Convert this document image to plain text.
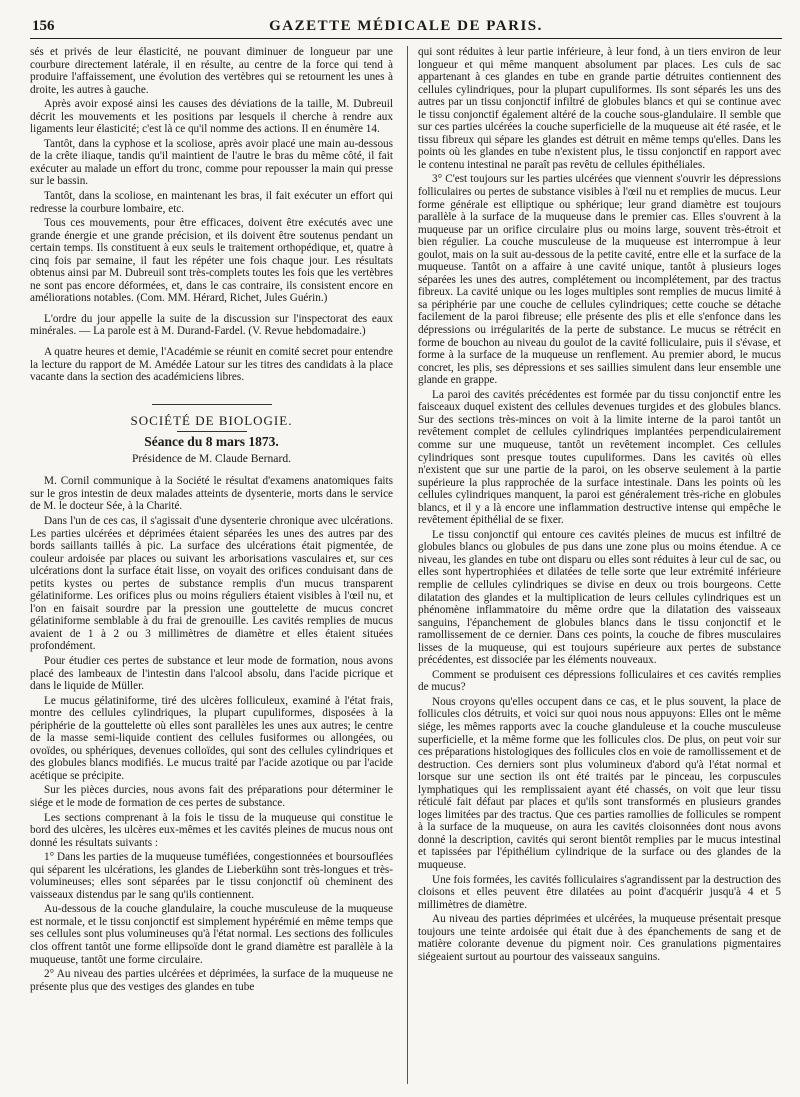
156	GAZETTE MÉDICALE DE PARIS.

sés et privés de leur élasticité, ne pouvant diminuer de longueur par une courbure directement latérale, il en résulte, au centre de la force qui tend à produire l'affaissement, une évolution des vertèbres qui se retournent les unes à droite, les autres à gauche.

Après avoir exposé ainsi les causes des déviations de la taille, M. Dubreuil décrit les mouvements et les positions par lesquels il cherche à rendre aux ligaments leur élasticité; c'est là ce qu'il nomme des actions. Il en énumère 14.

Tantôt, dans la cyphose et la scoliose, après avoir placé une main au-dessous de la crête iliaque, tandis qu'il maintient de l'autre le bras du même côté, il fait exécuter au malade un effort du tronc, comme pour repousser la main qui presse sur le bassin.

Tantôt, dans la scoliose, en maintenant les bras, il fait exécuter un effort qui redresse la courbure lombaire, etc.

Tous ces mouvements, pour être efficaces, doivent être exécutés avec une grande énergie et une grande précision, et ils doivent être soutenus pendant un certain temps. Ils constituent à eux seuls le traitement orthopédique, et, quatre à cinq fois par semaine, il faut les répéter une fois chaque jour. Les résultats obtenus ainsi par M. Dubreuil sont très-complets toutes les fois que les vertèbres ne sont pas encore déformées, et, dans le cas contraire, ils consistent encore en améliorations notables. (Com. MM. Hérard, Richet, Jules Guérin.)

L'ordre du jour appelle la suite de la discussion sur l'inspectorat des eaux minérales. — La parole est à M. Durand-Fardel. (V. Revue hebdomadaire.)

A quatre heures et demie, l'Académie se réunit en comité secret pour entendre la lecture du rapport de M. Amédée Latour sur les titres des candidats à la place vacante dans la section des académiciens libres.

SOCIÉTÉ DE BIOLOGIE.
Séance du 8 mars 1873.
Présidence de M. Claude Bernard.

M. Cornil communique à la Société le résultat d'examens anatomiques faits sur le gros intestin de deux malades atteints de dysenterie, morts dans le service de M. le docteur Sée, à la Charité.

Dans l'un de ces cas, il s'agissait d'une dysenterie chronique avec ulcérations. Les parties ulcérées et déprimées étaient séparées les unes des autres par des bords saillants taillés à pic. La surface des ulcérations était pigmentée, de couleur ardoisée par places ou suivant les arborisations vasculaires et, sur ces ulcérations dont la surface était lisse, on voyait des orifices conduisant dans de petits kystes ou pertes de substance remplis d'un mucus transparent gélatiniforme. Les orifices plus ou moins réguliers étaient visibles à l'œil nu, et l'on en faisait sourdre par la pression une gouttelette de mucus concret gélatiniforme semblable à du frai de grenouille. Les cavités remplies de mucus avaient de 1 à 2 ou 3 millimètres de diamètre et elles étaient situées profondément.

Pour étudier ces pertes de substance et leur mode de formation, nous avons placé des lambeaux de l'intestin dans l'alcool absolu, dans l'acide picrique et dans le liquide de Müller.

Le mucus gélatiniforme, tiré des ulcères folliculeux, examiné à l'état frais, montre des cellules cylindriques, la plupart cupuliformes, disposées à la périphérie de la gouttelette où elles sont parallèles les unes aux autres; le centre de la masse semi-liquide contient des cellules fusiformes ou allongées, ou ovoïdes, ou sphériques, devenues colloïdes, qui sont des cellules cylindriques et des globules blancs modifiés. Le mucus traité par l'acide azotique ou par l'acide acétique se précipite.

Sur les pièces durcies, nous avons fait des préparations pour déterminer le siége et le mode de formation de ces pertes de substance.

Les sections comprenant à la fois le tissu de la muqueuse qui constitue le bord des ulcères, les ulcères eux-mêmes et les cavités pleines de mucus nous ont donné les résultats suivants :

1° Dans les parties de la muqueuse tuméfiées, congestionnées et boursouflées qui séparent les ulcérations, les glandes de Lieberkühn sont très-longues et très-volumineuses; elles sont séparées par le tissu conjonctif où cheminent des vaisseaux distendus par le sang qu'ils contiennent.

Au-dessous de la couche glandulaire, la couche musculeuse de la muqueuse est normale, et le tissu conjonctif est simplement hypérémié en même temps que ses cellules sont plus volumineuses qu'à l'état normal. Les sections des follicules clos offrent tantôt une forme ellipsoïde dont le grand diamètre est parallèle à la muqueuse, tantôt une forme circulaire.

2° Au niveau des parties ulcérées et déprimées, la surface de la muqueuse ne présente plus que des vestiges des glandes en tube

qui sont réduites à leur partie inférieure, à leur fond, à un tiers environ de leur longueur et qui même manquent absolument par places. Les culs de sac appartenant à ces glandes en tube en grande partie détruites contiennent des cellules cylindriques, pour la plupart cupuliformes. Ils sont séparés les uns des autres par un tissu conjonctif infiltré de globules blancs et qui se continue avec le tissu conjonctif également altéré de la couche sous-glandulaire. Il semble que sur ces parties ulcérées la couche superficielle de la muqueuse ait été rasée, et le tissu fibreux qui sépare les glandes est détruit en même temps qu'elles. Dans les points où les glandes en tube n'existent plus, le tissu conjonctif en rapport avec le contenu intestinal ne paraît pas revêtu de cellules épithéliales.

3° C'est toujours sur les parties ulcérées que viennent s'ouvrir les dépressions folliculaires ou pertes de substance visibles à l'œil nu et remplies de mucus. Leur forme générale est elliptique ou sphérique; leur grand diamètre est toujours parallèle à la surface de la muqueuse dans le premier cas. Elles s'ouvrent à la muqueuse par un orifice circulaire plus ou moins large, souvent très-étroit et bien régulier. La couche musculeuse de la muqueuse est interrompue à leur goulot, mais on la suit au-dessous de la petite cavité, entre elle et la surface de la muqueuse. Tantôt on a affaire à une cavité unique, tantôt à plusieurs loges séparées les unes des autres, complétement ou incomplétement, par des tractus fibreux. La cavité unique ou les loges multiples sont remplies de mucus limité à sa périphérie par une couche de cellules cylindriques; cette couche se détache facilement de la paroi fibreuse; elle présente des plis et elle s'enfonce dans les dépressions ou irrégularités de la perte de substance. Le mucus se rétrécit en forme de bouchon au niveau du goulot de la cavité folliculaire, puis il s'évase, et forme à la surface de la muqueuse un renflement. Au premier abord, le mucus concret, les plis, ses dépressions et ses saillies simulent dans leur ensemble une glande en grappe.

La paroi des cavités précédentes est formée par du tissu conjonctif entre les faisceaux duquel existent des cellules devenues turgides et des globules blancs. Sur des sections très-minces on voit à la limite interne de la paroi tantôt un revêtement complet de cellules cylindriques implantées perpendiculairement comme sur une muqueuse, tantôt un revêtement incomplet. Ces cellules cylindriques sont presque toutes cupuliformes. Dans les cavités où elles n'existent que sur une partie de la paroi, on les observe seulement à la partie supérieure la plus rapprochée de la surface intestinale. Dans les points où les cellules cylindriques manquent, la paroi est généralement très-riche en globules blancs, et il y a là encore une inflammation destructive intense qui empêche le revêtement épithélial de se fixer.

Le tissu conjonctif qui entoure ces cavités pleines de mucus est infiltré de globules blancs ou globules de pus dans une zone plus ou moins étendue. A ce niveau, les glandes en tube ont disparu ou elles sont réduites à leur cul de sac, ou elles sont hypertrophiées et dilatées de telle sorte que leur extrémité inférieure remplie de cellules cylindriques se divise en deux ou trois bourgeons. Cette dilatation des glandes et la multiplication de leurs cellules cylindriques est un phénomène inflammatoire du même ordre que la dilatation des vaisseaux sanguins, l'épanchement de globules blancs dans le tissu conjonctif et le ramollissement de ce dernier. Dans ces points, la couche de fibres musculaires lisses de la muqueuse, qui est toujours supérieure aux pertes de substance précédentes, est dissociée par les éléments nouveaux.

Comment se produisent ces dépressions folliculaires et ces cavités remplies de mucus?

Nous croyons qu'elles occupent dans ce cas, et le plus souvent, la place de follicules clos détruits, et voici sur quoi nous nous appuyons: Elles ont le même siége, les mêmes rapports avec la couche glanduleuse et la couche musculeuse superficielle, et la même forme que les follicules clos. De plus, on peut voir sur ces préparations histologiques des follicules clos en voie de ramollissement et de destruction. Ces derniers sont plus volumineux d'abord qu'à l'état normal et lorsque sur une section ils ont été traités par le pinceau, les corpuscules lymphatiques qui les remplissaient ayant été chassés, on voit que leur tissu réticulé fait défaut par places et qu'ils sont transformés en plusieurs grandes loges limitées par des tractus. Que ces parties ramollies de follicules se rompent à la surface de la muqueuse, on aura les cavités cloisonnées dont nous avons donné la description, cavités qui seront bientôt remplies par le mucus intestinal et tapissées par l'épithélium cylindrique de la surface ou des glandes de la muqueuse.

Une fois formées, les cavités folliculaires s'agrandissent par la destruction des cloisons et elles peuvent être dilatées au point d'acquérir jusqu'à 4 et 5 millimètres de diamètre.

Au niveau des parties déprimées et ulcérées, la muqueuse présentait presque toujours une teinte ardoisée qui était due à des épanchements de sang et de matière colorante devenue du pigment noir. Ces granulations pigmentaires siégeaient surtout au pourtour des vaisseaux sanguins.
